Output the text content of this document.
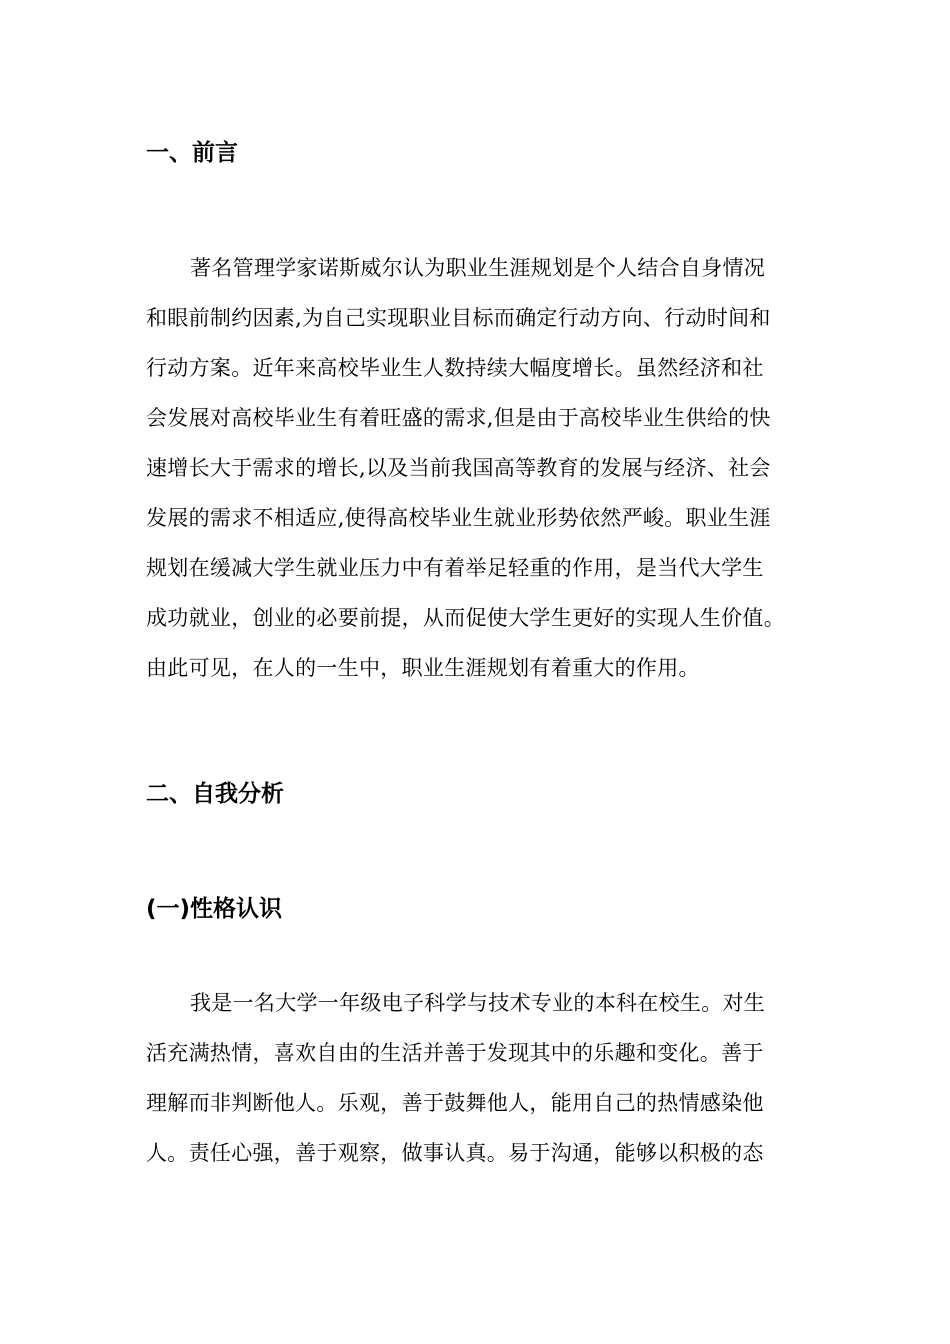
一、前言
著名管理学家诺斯威尔认为职业生涯规划是个人结合自身情况
和眼前制约因素,为自己实现职业目标而确定行动方向、行动时间和
行动方案。近年来高校毕业生人数持续大幅度增长。虽然经济和社
会发展对高校毕业生有着旺盛的需求,但是由于高校毕业生供给的快
速增长大于需求的增长,以及当前我国高等教育的发展与经济、社会
发展的需求不相适应,使得高校毕业生就业形势依然严峻。职业生涯
规划在缓减大学生就业压力中有着举足轻重的作用，是当代大学生
成功就业，创业的必要前提，从而促使大学生更好的实现人生价值。
由此可见，在人的一生中，职业生涯规划有着重大的作用。
二、自我分析
(一)性格认识
我是一名大学一年级电子科学与技术专业的本科在校生。对生
活充满热情，喜欢自由的生活并善于发现其中的乐趣和变化。善于
理解而非判断他人。乐观，善于鼓舞他人，能用自己的热情感染他
人。责任心强，善于观察，做事认真。易于沟通，能够以积极的态
